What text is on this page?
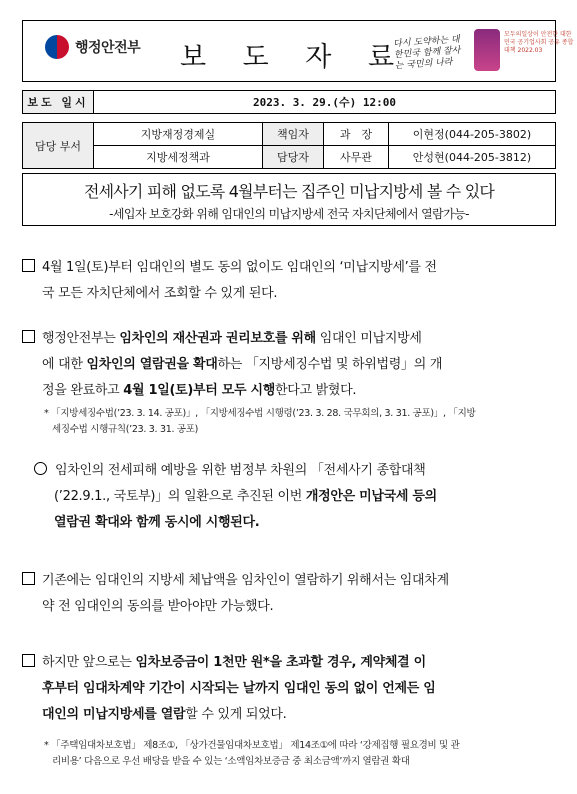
행정안전부	보 도 자 료
다시 도약하는 대한민국 함께 잘사는 국민의 나라
모두의일상이 안전한 대한민국 공기업사회 공유 종합대책 2022.03
보도 일시	2023. 3. 29.(수) 12:00
담당 부서	지방재정경제실	책임자	과　장	이현정(044-205-3802)
	지방세정책과	담당자	사무관	안성현(044-205-3812)
전세사기 피해 없도록 4월부터는 집주인 미납지방세 볼 수 있다
-세입자 보호강화 위해 임대인의 미납지방세 전국 자치단체에서 열람가능-
4월 1일(토)부터 임대인의 별도 동의 없이도 임대인의 ‘미납지방세’를 전
국 모든 자치단체에서 조회할 수 있게 된다.
행정안전부는 임차인의 재산권과 권리보호를 위해 임대인 미납지방세
에 대한 임차인의 열람권을 확대하는 「지방세징수법 및 하위법령」의 개
정을 완료하고 4월 1일(토)부터 모두 시행한다고 밝혔다.
* 「지방세징수법(’23. 3. 14. 공포)」, 「지방세징수법 시행령(’23. 3. 28. 국무회의, 3. 31. 공포)」, 「지방
세징수법 시행규칙(’23. 3. 31. 공포)
임차인의 전세피해 예방을 위한 범정부 차원의 「전세사기 종합대책
(’22.9.1., 국토부)」의 일환으로 추진된 이번 개정안은 미납국세 등의
열람권 확대와 함께 동시에 시행된다.
기존에는 임대인의 지방세 체납액을 임차인이 열람하기 위해서는 임대차계
약 전 임대인의 동의를 받아야만 가능했다.
하지만 앞으로는 임차보증금이 1천만 원*을 초과할 경우, 계약체결 이
후부터 임대차계약 기간이 시작되는 날까지 임대인 동의 없이 언제든 임
대인의 미납지방세를 열람할 수 있게 되었다.
* 「주택임대차보호법」 제8조①, 「상가건물임대차보호법」 제14조①에 따라 ‘강제집행 필요경비 및 관
리비용’ 다음으로 우선 배당을 받을 수 있는 ‘소액임차보증금 중 최소금액’까지 열람권 확대
